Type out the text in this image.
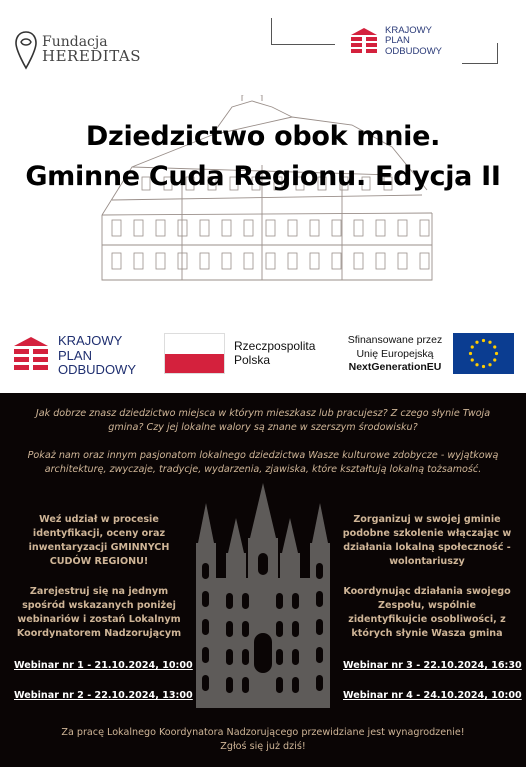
Fundacja
HEREDITAS
KRAJOWY
PLAN
ODBUDOWY
Dziedzictwo obok mnie.
Gminne Cuda Regionu. Edycja II
KRAJOWY
PLAN
ODBUDOWY
Rzeczpospolita
Polska
Sfinansowane przez
Unię Europejską
NextGenerationEU

Jak dobrze znasz dziedzictwo miejsca w którym mieszkasz lub pracujesz? Z czego słynie Twoja gmina? Czy jej lokalne walory są znane w szerszym środowisku?

Pokaż nam oraz innym pasjonatom lokalnego dziedzictwa Wasze kulturowe zdobycze - wyjątkową architekturę, zwyczaje, tradycje, wydarzenia, zjawiska, które kształtują lokalną tożsamość.

Weź udział w procesie identyfikacji, oceny oraz inwentaryzacji GMINNYCH CUDÓW REGIONU!
Zarejestruj się na jednym spośród wskazanych poniżej webinariów i zostań Lokalnym Koordynatorem Nadzorującym
Zorganizuj w swojej gminie podobne szkolenie włączając w działania lokalną społeczność - wolontariuszy
Koordynując działania swojego Zespołu, wspólnie zidentyfikujcie osobliwości, z których słynie Wasza gmina
Webinar nr 1 - 21.10.2024, 10:00
Webinar nr 2 - 22.10.2024, 13:00
Webinar nr 3 - 22.10.2024, 16:30
Webinar nr 4 - 24.10.2024, 10:00
Za pracę Lokalnego Koordynatora Nadzorującego przewidziane jest wynagrodzenie!
Zgłoś się już dziś!
